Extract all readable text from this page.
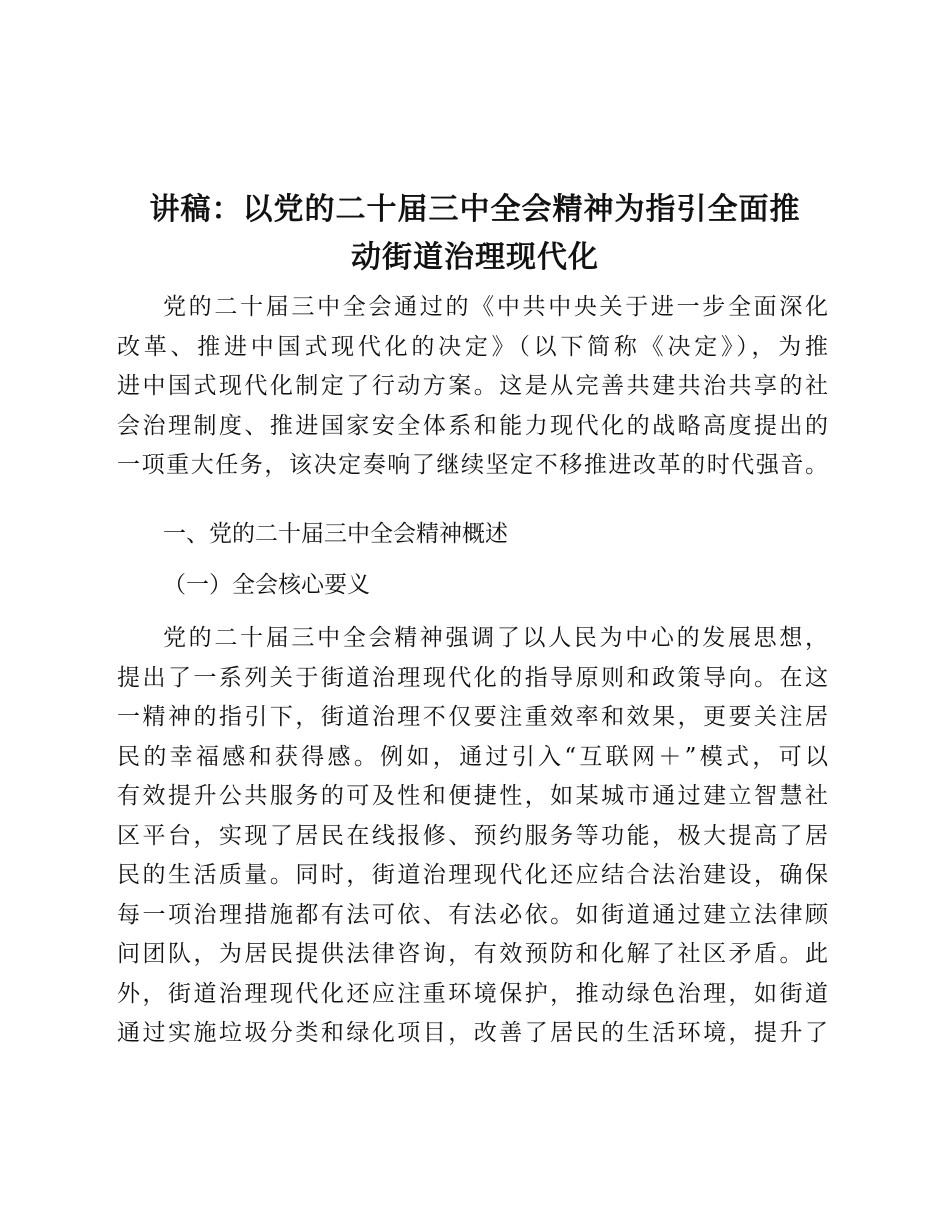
讲稿：以党的二十届三中全会精神为指引全面推
动街道治理现代化

党的二十届三中全会通过的《中共中央关于进一步全面深化

改革、推进中国式现代化的决定》（以下简称《决定》），为推

进中国式现代化制定了行动方案。这是从完善共建共治共享的社

会治理制度、推进国家安全体系和能力现代化的战略高度提出的

一项重大任务，该决定奏响了继续坚定不移推进改革的时代强音。

一、党的二十届三中全会精神概述

（一）全会核心要义

党的二十届三中全会精神强调了以人民为中心的发展思想，

提出了一系列关于街道治理现代化的指导原则和政策导向。在这

一精神的指引下，街道治理不仅要注重效率和效果，更要关注居

民的幸福感和获得感。例如，通过引入“互联网＋”模式，可以

有效提升公共服务的可及性和便捷性，如某城市通过建立智慧社

区平台，实现了居民在线报修、预约服务等功能，极大提高了居

民的生活质量。同时，街道治理现代化还应结合法治建设，确保

每一项治理措施都有法可依、有法必依。如街道通过建立法律顾

问团队，为居民提供法律咨询，有效预防和化解了社区矛盾。此

外，街道治理现代化还应注重环境保护，推动绿色治理，如街道

通过实施垃圾分类和绿化项目，改善了居民的生活环境，提升了
